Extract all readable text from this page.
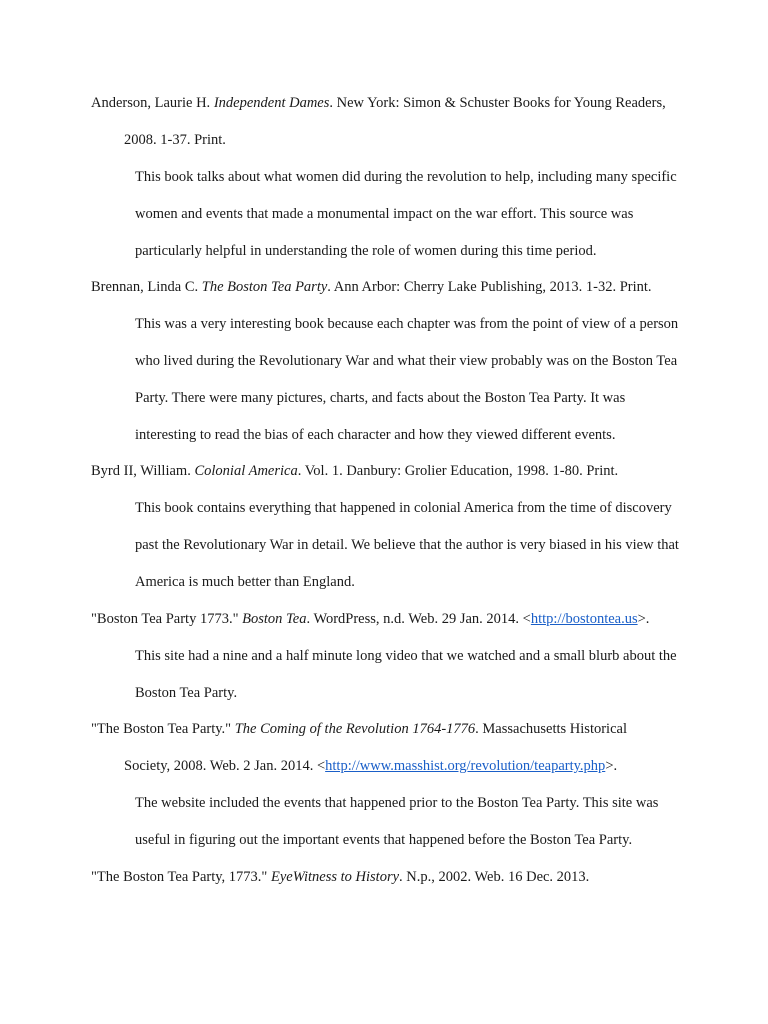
Anderson, Laurie H. Independent Dames. New York: Simon & Schuster Books for Young Readers,
2008. 1-37. Print.
This book talks about what women did during the revolution to help, including many specific
women and events that made a monumental impact on the war effort. This source was
particularly helpful in understanding the role of women during this time period.
Brennan, Linda C. The Boston Tea Party. Ann Arbor: Cherry Lake Publishing, 2013. 1-32. Print.
This was a very interesting book because each chapter was from the point of view of a person
who lived during the Revolutionary War and what their view probably was on the Boston Tea
Party. There were many pictures, charts, and facts about the Boston Tea Party. It was
interesting to read the bias of each character and how they viewed different events.
Byrd II, William. Colonial America. Vol. 1. Danbury: Grolier Education, 1998. 1-80. Print.
This book contains everything that happened in colonial America from the time of discovery
past the Revolutionary War in detail. We believe that the author is very biased in his view that
America is much better than England.
"Boston Tea Party 1773." Boston Tea. WordPress, n.d. Web. 29 Jan. 2014. <http://bostontea.us>.
This site had a nine and a half minute long video that we watched and a small blurb about the
Boston Tea Party.
"The Boston Tea Party." The Coming of the Revolution 1764-1776. Massachusetts Historical
Society, 2008. Web. 2 Jan. 2014. <http://www.masshist.org/revolution/teaparty.php>.
The website included the events that happened prior to the Boston Tea Party. This site was
useful in figuring out the important events that happened before the Boston Tea Party.
"The Boston Tea Party, 1773." EyeWitness to History. N.p., 2002. Web. 16 Dec. 2013.
